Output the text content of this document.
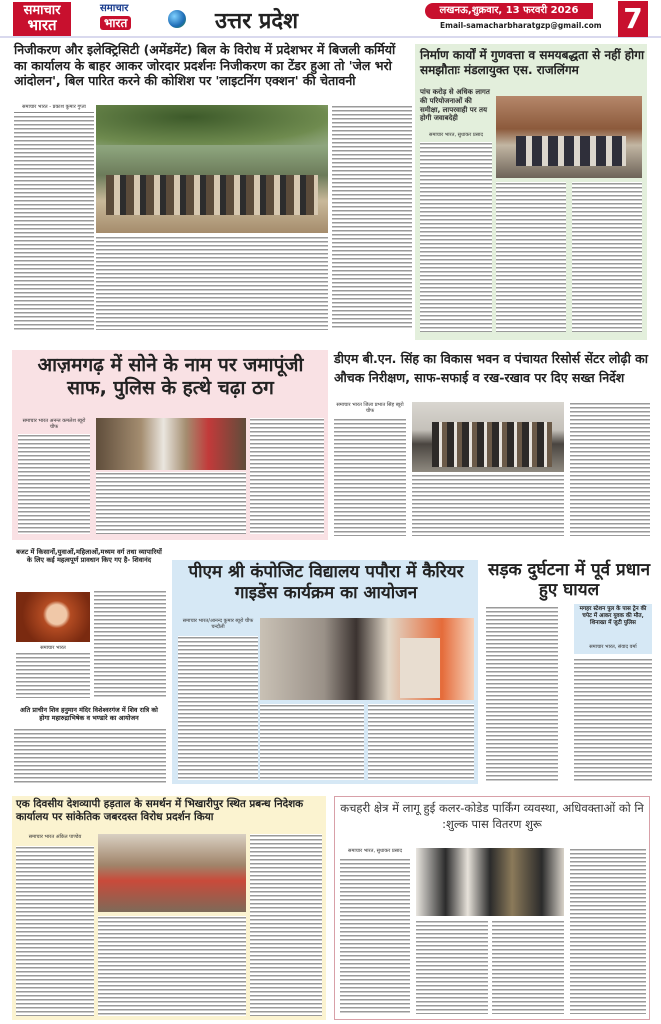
समाचार
भारत
समाचार
भारत	उत्तर प्रदेश	लखनऊ,शुक्रवार, 13 फरवरी 2026
Email-samacharbharatgzp@gmail.com 7
निजीकरण और इलेक्ट्रिसिटी (अमेंडमेंट) बिल के विरोध में प्रदेशभर में बिजली कर्मियों का कार्यालय के बाहर आकर जोरदार प्रदर्शनः निजीकरण का टेंडर हुआ तो 'जेल भरो आंदोलन', बिल पारित करने की कोशिश पर 'लाइटनिंग एक्शन' की चेतावनी
समाचार भारत - प्रकाश कुमार गुप्ता
निर्माण कार्यों में गुणवत्ता व समयबद्धता से नहीं होगा समझौताः मंडलायुक्त एस. राजलिंगम
पांच करोड़ से अधिक लागत की परियोजनाओं की समीक्षा, लापरवाही पर तय होगी जवाबदेही
समाचार भारत, सुधाकर प्रसाद
आज़मगढ़ में सोने के नाम पर जमापूंजी साफ, पुलिस के हत्थे चढ़ा ठग
समाचार भारत अनन्त कमलेश ब्यूरो चीफ
डीएम बी.एन. सिंह का विकास भवन व पंचायत रिसोर्स सेंटर लोढ़ी का औचक निरीक्षण, साफ-सफाई व रख-रखाव पर दिए सख्त निर्देश
समाचार भारत जिला प्रभात सिंह ब्यूरो चीफ
बजट में किसानों,युवाओं,महिलाओं,मध्यम वर्ग तथा व्यापारियों के लिए कई महत्वपूर्ण प्रावधान किए गए है- शिवानंद
समाचार भारत
अति प्राचीन शिव हनुमान मंदिर विशेश्वरगंज में शिव रात्रि को होगा महारुद्राभिषेक व भण्डारे का आयोजन
पीएम श्री कंपोजिट विद्यालय पपौरा में कैरियर गाइडेंस कार्यक्रम का आयोजन
समाचार भारत/आनन्द कुमार ब्यूरो चीफ चन्दौली
सड़क दुर्घटना में पूर्व प्रधान हुए घायल
मगहर स्टेशन पुल के पास ट्रेन की चपेट में आकर युवक की मौत, शिनाख्त में जुटी पुलिस
समाचार भारत, संवाद वर्मा
एक दिवसीय देशव्यापी हड़ताल के समर्थन में भिखारीपुर स्थित प्रबन्ध निदेशक कार्यालय पर सांकेतिक जबरदस्त विरोध प्रदर्शन किया
समाचार भारत अंकित पाण्डेय
कचहरी क्षेत्र में लागू हुई कलर-कोडेड पार्किंग व्यवस्था, अधिवक्ताओं को नि :शुल्क पास वितरण शुरू
समाचार भारत, सुधाकर प्रसाद
